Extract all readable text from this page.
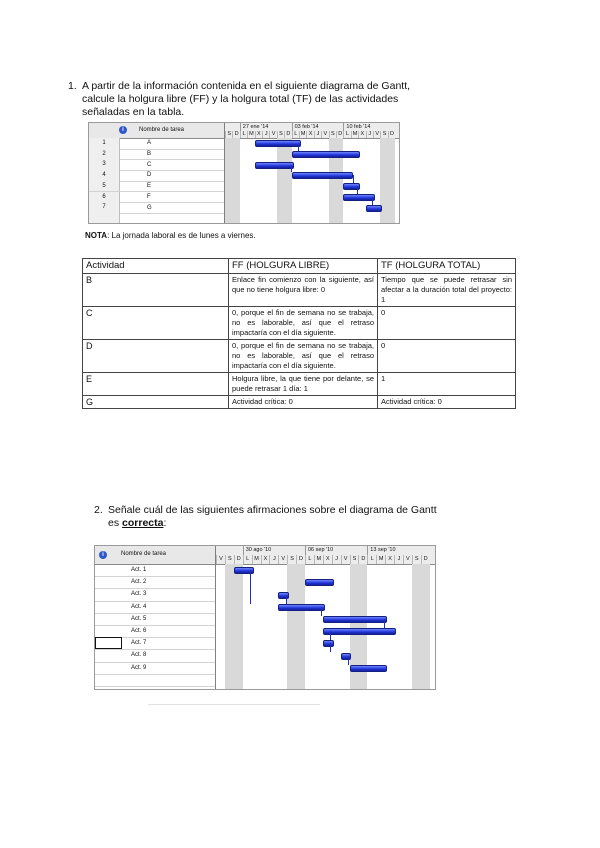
1. A partir de la información contenida en el siguiente diagrama de Gantt, calcule la holgura libre (FF) y la holgura total (TF) de las actividades señaladas en la tabla.
i	Nombre de tarea
1	A
2	B
3	C
4	D
5	E
6	F
7	G
27 ene '14	03 feb '14	10 feb '14
S D L M X J V S D L M X J V S D L M X J V S D
NOTA: La jornada laboral es de lunes a viernes.
Actividad	FF (HOLGURA LIBRE)	TF (HOLGURA TOTAL)
B	Enlace fin comienzo con la siguiente, así que no tiene holgura libre: 0	Tiempo que se puede retrasar sin afectar a la duración total del proyecto: 1
C	0, porque el fin de semana no se trabaja, no es laborable, así que el retraso impactaría con el día siguiente.	0
D	0, porque el fin de semana no se trabaja, no es laborable, así que el retraso impactaría con el día siguiente.	0
E	Holgura libre, la que tiene por delante, se puede retrasar 1 día: 1	1
G	Actividad crítica: 0	Actividad crítica: 0
2. Señale cuál de las siguientes afirmaciones sobre el diagrama de Gantt es correcta:
i	Nombre de tarea
Act. 1
Act. 2
Act. 3
Act. 4
Act. 5
Act. 6
Act. 7
Act. 8
Act. 9
30 ago '10	06 sep '10	13 sep '10
V S D L M X	J	V S D L M X	J	V S D L M X	J	V S D
